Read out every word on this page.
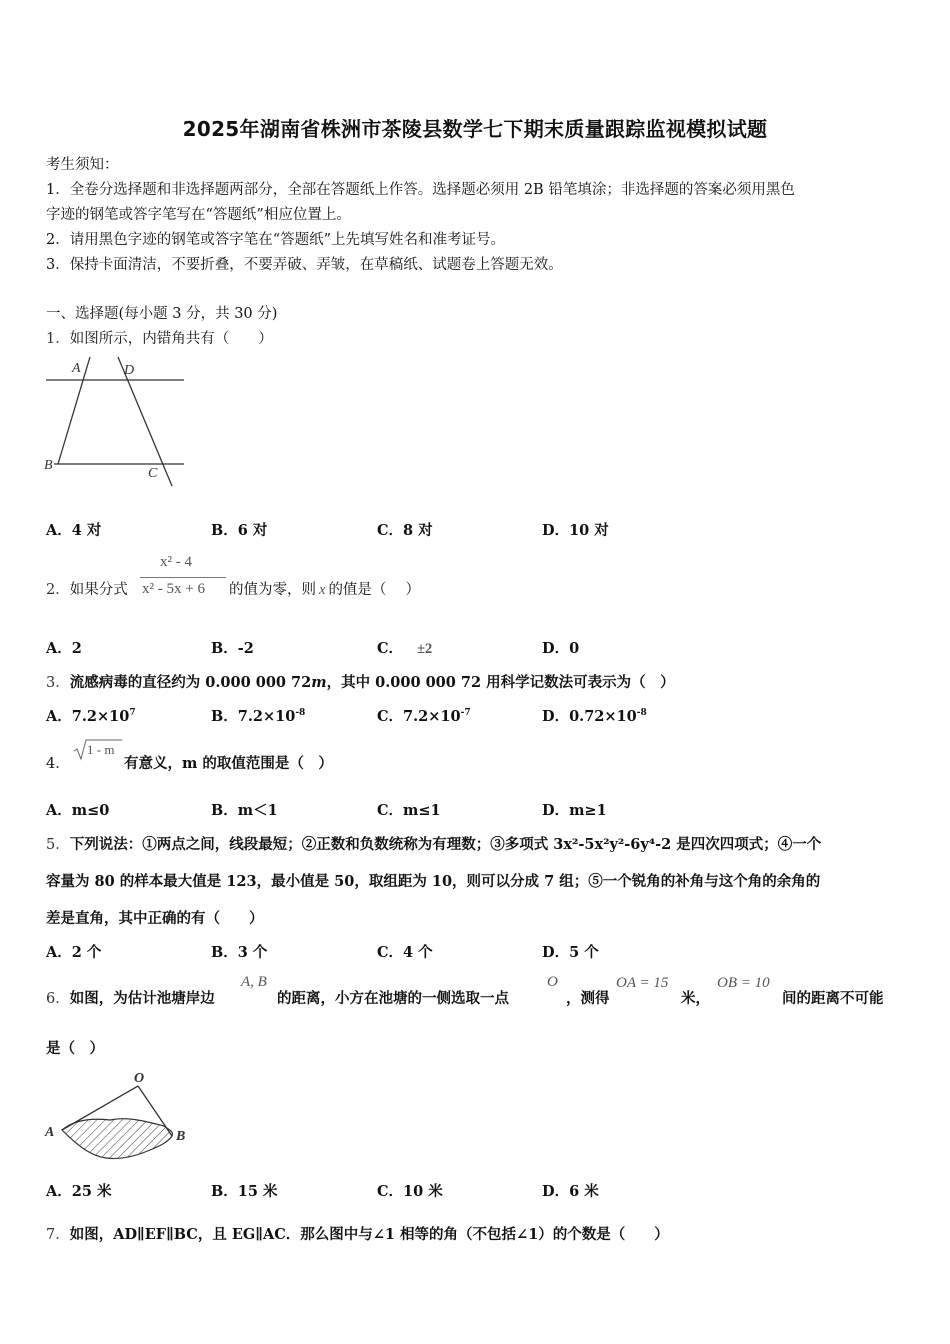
2025年湖南省株洲市茶陵县数学七下期末质量跟踪监视模拟试题
考生须知：
1．全卷分选择题和非选择题两部分，全部在答题纸上作答。选择题必须用 2B 铅笔填涂；非选择题的答案必须用黑色
字迹的钢笔或答字笔写在“答题纸”相应位置上。
2．请用黑色字迹的钢笔或答字笔在“答题纸”上先填写姓名和准考证号。
3．保持卡面清洁，不要折叠，不要弄破、弄皱，在草稿纸、试题卷上答题无效。
一、选择题(每小题 3 分，共 30 分)
1．如图所示，内错角共有（　　）
A	D
B
C
A．4 对	B．6 对	C．8 对	D．10 对
2．如果分式
x² - 4
x² - 5x + 6 的值为零，则 x 的值是（　 ）
A．2	B．-2	C． ±2	D．0
3．流感病毒的直径约为 0.000 000 72m，其中 0.000 000 72 用科学记数法可表示为（　）
A．$7.2\times 10^7$	B．$7.2\times 10^{-8}$	C．$7.2\times 10^{-7}$	D．$0.72\times 10^{-8}$
4．
1 - m
有意义，m 的取值范围是（　）
A．m≤0	B．m＜1	C．m≤1	D．m≥1
5．下列说法：①两点之间，线段最短；②正数和负数统称为有理数；③多项式 3x²-5x²y²-6y⁴-2 是四次四项式；④一个
容量为 80 的样本最大值是 123，最小值是 50，取组距为 10，则可以分成 7 组；⑤一个锐角的补角与这个角的余角的
差是直角，其中正确的有（　　）
A．2 个	B．3 个	C．4 个	D．5 个
6．如图，为估计池塘岸边
A, B
的距离，小方在池塘的一侧选取一点
O
，测得
OA = 15
米，
OB = 10
间的距离不可能
是（　）
O
A	B
A．25 米	B．15 米	C．10 米	D．6 米
7．如图，AD∥EF∥BC，且 EG∥AC．那么图中与∠1 相等的角（不包括∠1）的个数是（　　）
